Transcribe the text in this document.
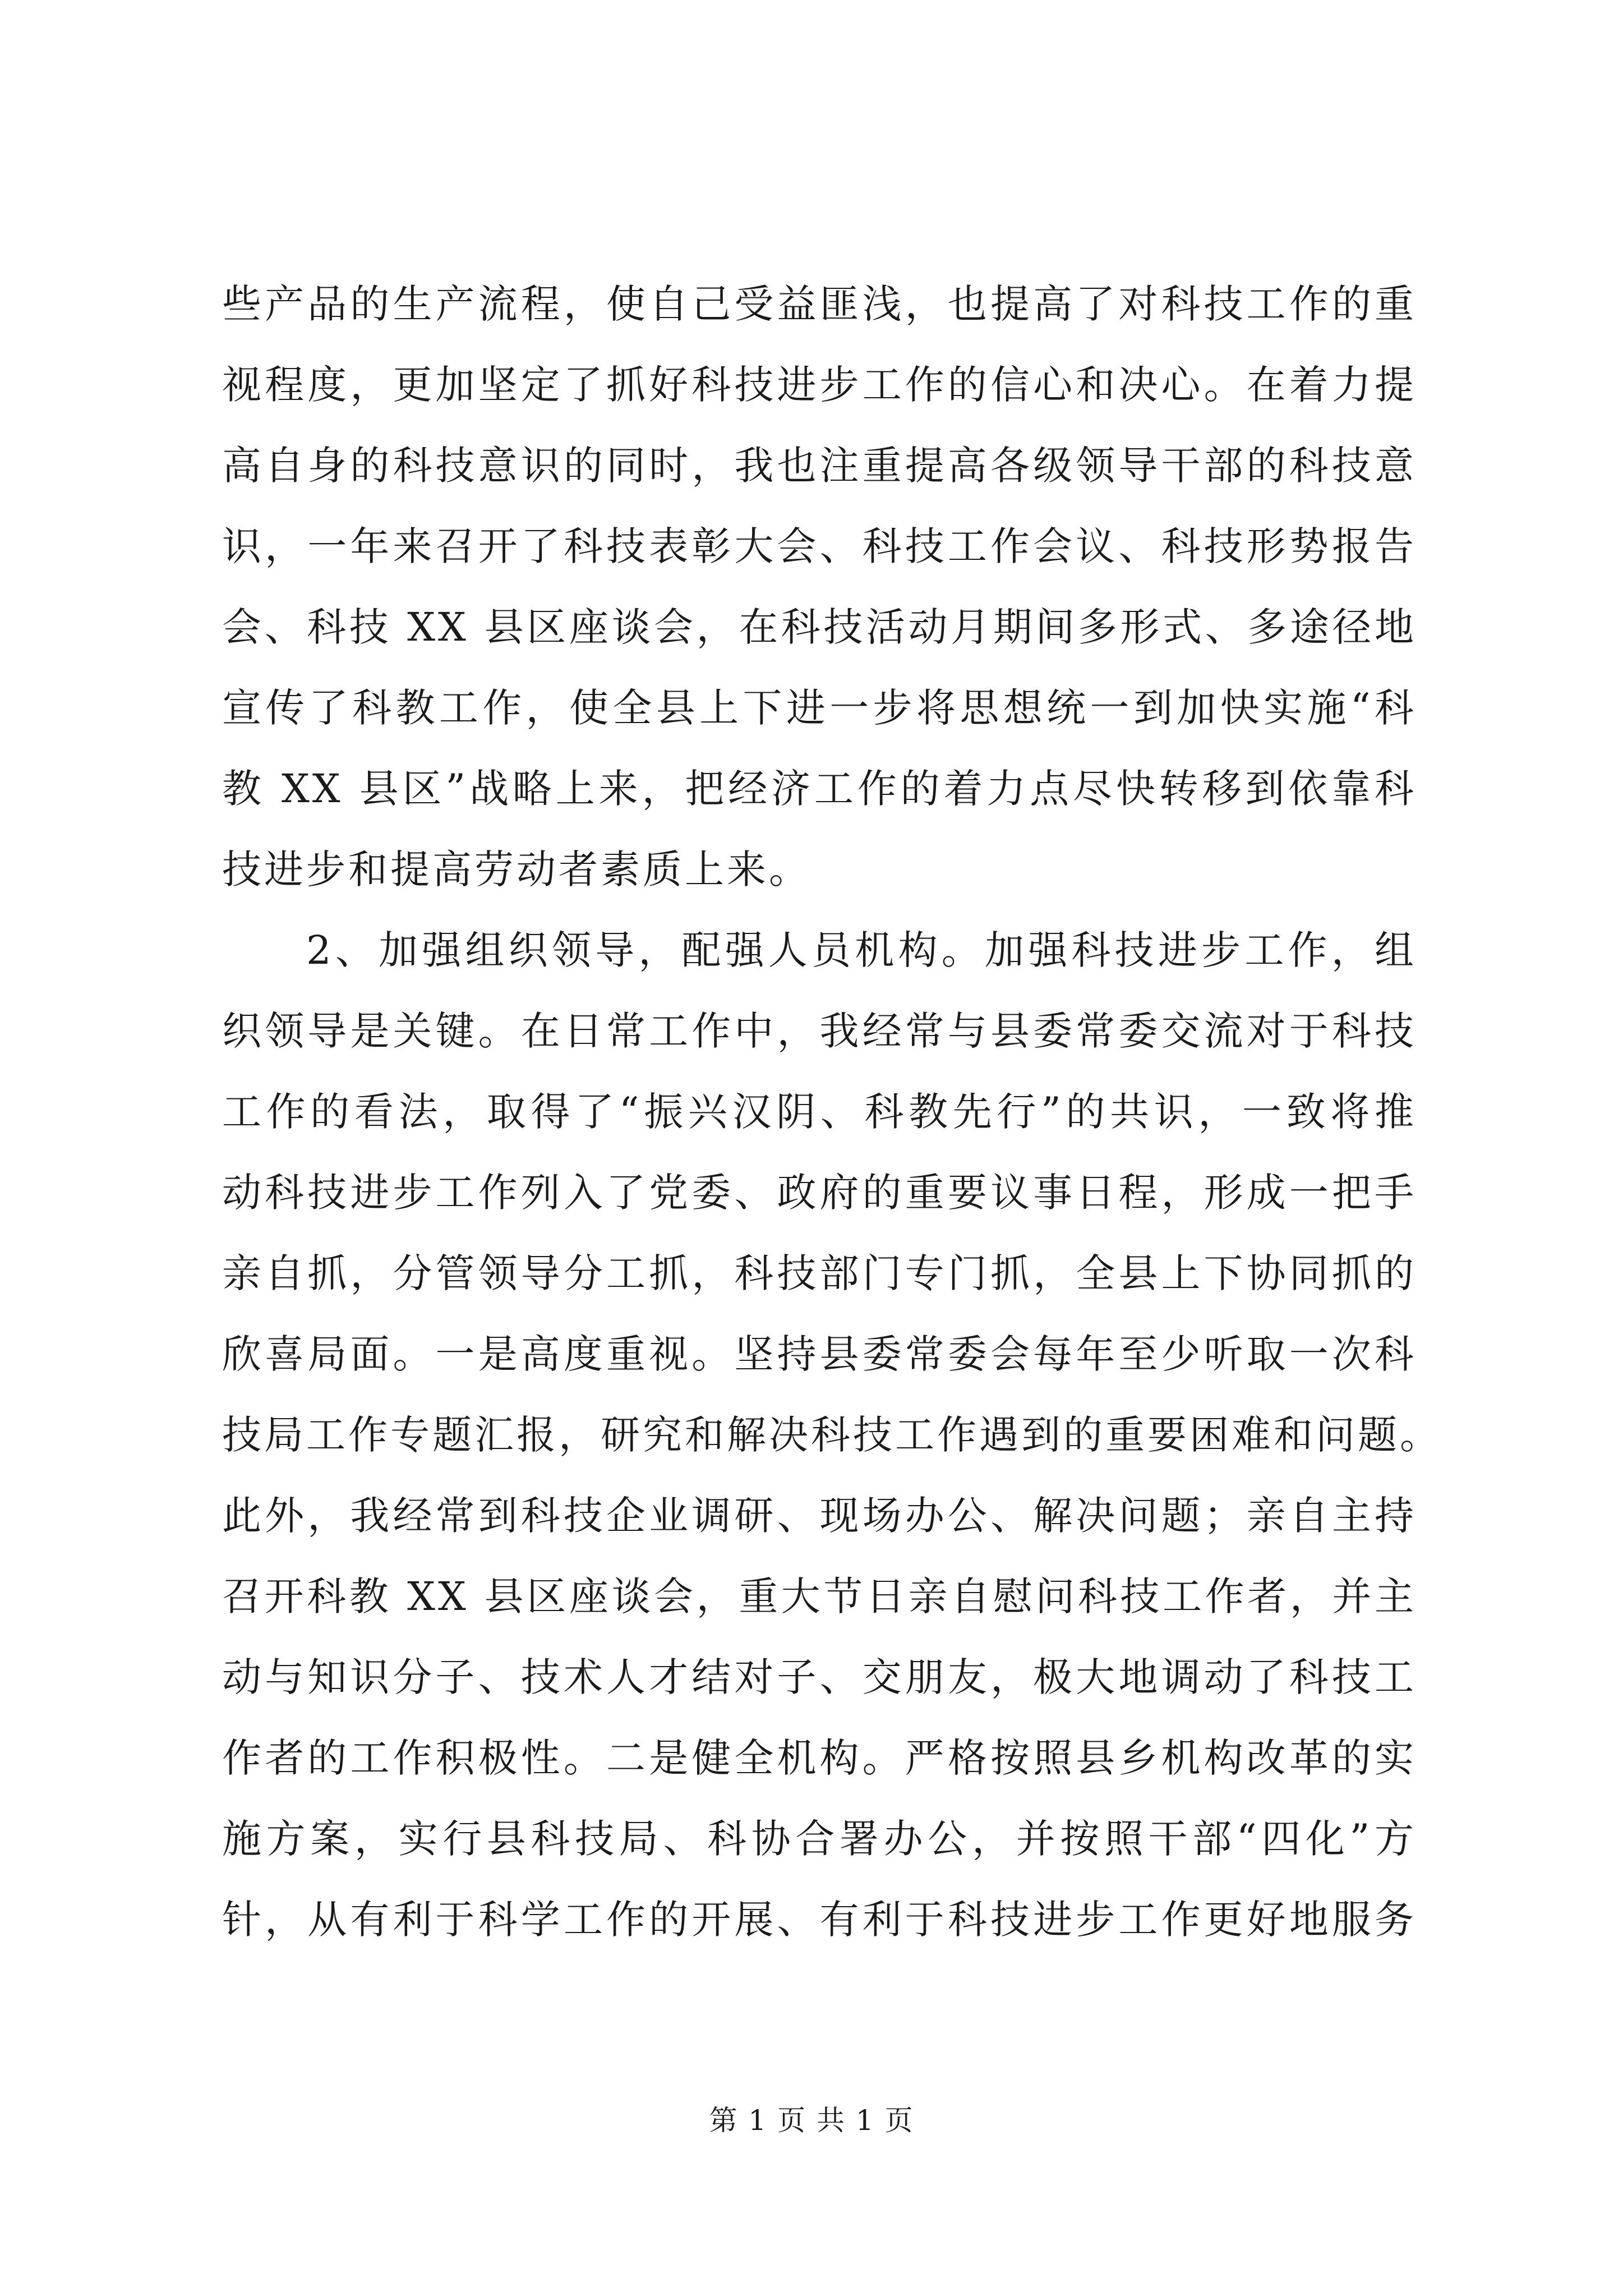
些产品的生产流程，使自己受益匪浅，也提高了对科技工作的重
视程度，更加坚定了抓好科技进步工作的信心和决心。在着力提
高自身的科技意识的同时，我也注重提高各级领导干部的科技意
识，一年来召开了科技表彰大会、科技工作会议、科技形势报告
会、科技 XX 县区座谈会，在科技活动月期间多形式、多途径地
宣传了科教工作，使全县上下进一步将思想统一到加快实施“科
教 XX 县区”战略上来，把经济工作的着力点尽快转移到依靠科
技进步和提高劳动者素质上来。
2、加强组织领导，配强人员机构。加强科技进步工作，组
织领导是关键。在日常工作中，我经常与县委常委交流对于科技
工作的看法，取得了“振兴汉阴、科教先行”的共识，一致将推
动科技进步工作列入了党委、政府的重要议事日程，形成一把手
亲自抓，分管领导分工抓，科技部门专门抓，全县上下协同抓的
欣喜局面。一是高度重视。坚持县委常委会每年至少听取一次科
技局工作专题汇报，研究和解决科技工作遇到的重要困难和问题。
此外，我经常到科技企业调研、现场办公、解决问题；亲自主持
召开科教 XX 县区座谈会，重大节日亲自慰问科技工作者，并主
动与知识分子、技术人才结对子、交朋友，极大地调动了科技工
作者的工作积极性。二是健全机构。严格按照县乡机构改革的实
施方案，实行县科技局、科协合署办公，并按照干部“四化”方
针，从有利于科学工作的开展、有利于科技进步工作更好地服务
第 1 页 共 1 页
